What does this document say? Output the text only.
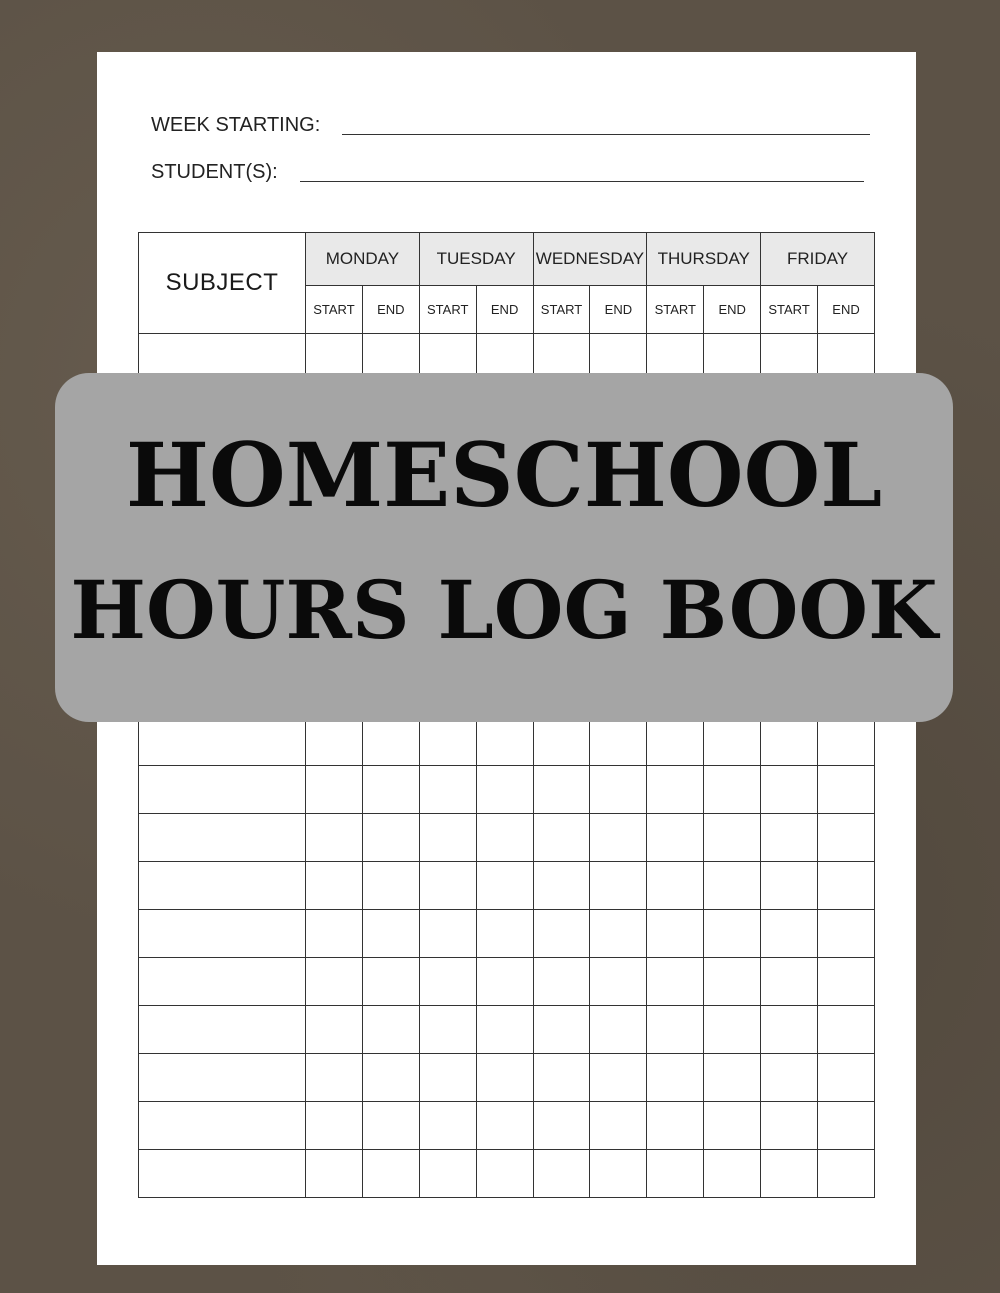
WEEK STARTING:
STUDENT(S):
SUBJECT	MONDAY		TUESDAY		WEDNESDAY		THURSDAY		FRIDAY	
	START	END	START	END	START	END	START	END	START	END

HOMESCHOOL
HOURS LOG BOOK
